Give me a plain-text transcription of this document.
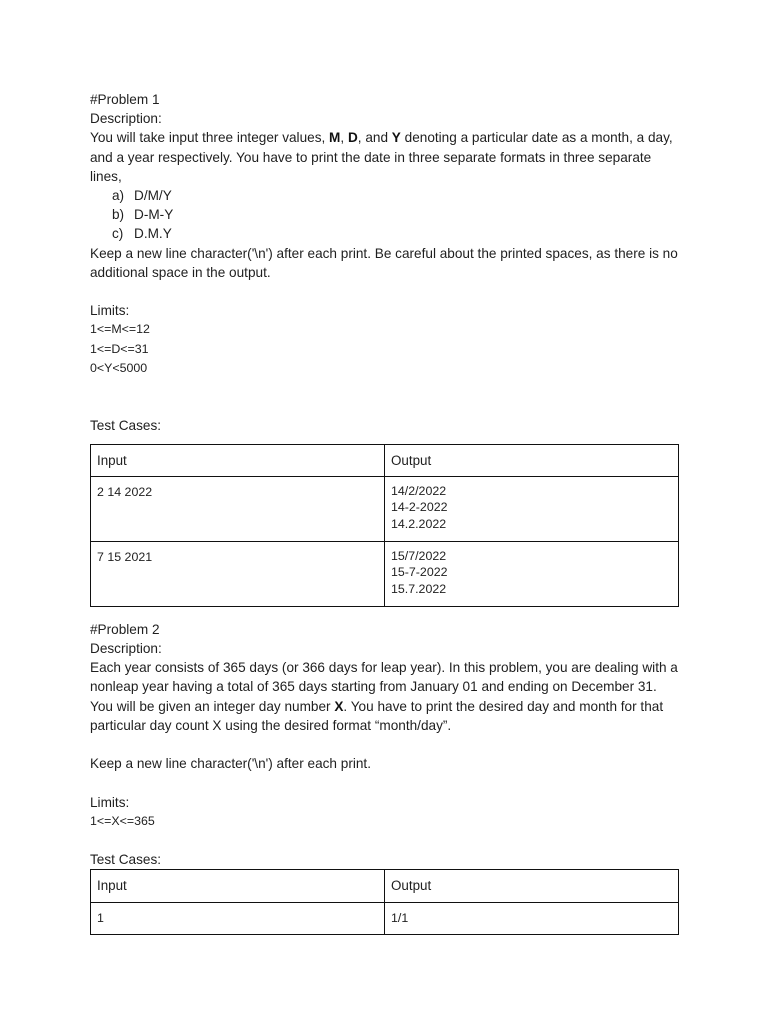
#Problem 1

Description:

You will take input three integer values, M, D, and Y denoting a particular date as a month, a day, and a year respectively. You have to print the date in three separate formats in three separate lines,

a) D/M/Y
b) D-M-Y
c) D.M.Y

Keep a new line character('\n') after each print. Be careful about the printed spaces, as there is no additional space in the output.

Limits:

1<=M<=12

1<=D<=31

0<Y<5000

Test Cases:

Input	Output
2 14 2022	14/2/2022
14-2-2022
14.2.2022

7 15 2021	15/7/2022
15-7-2022
15.7.2022

#Problem 2

Description:

Each year consists of 365 days (or 366 days for leap year). In this problem, you are dealing with a nonleap year having a total of 365 days starting from January 01 and ending on December 31. You will be given an integer day number X. You have to print the desired day and month for that particular day count X using the desired format “month/day”.

Keep a new line character('\n') after each print.

Limits:

1<=X<=365

Test Cases:

Input	Output
1	1/1
